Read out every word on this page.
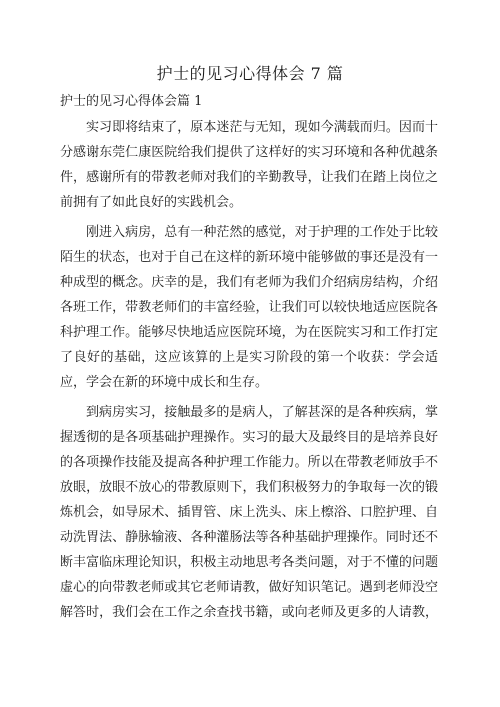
护士的见习心得体会 7 篇
护士的见习心得体会篇 1
实习即将结束了，原本迷茫与无知，现如今满载而归。因而十
分感谢东莞仁康医院给我们提供了这样好的实习环境和各种优越条
件，感谢所有的带教老师对我们的辛勤教导，让我们在踏上岗位之
前拥有了如此良好的实践机会。
刚进入病房，总有一种茫然的感觉，对于护理的工作处于比较
陌生的状态，也对于自己在这样的新环境中能够做的事还是没有一
种成型的概念。庆幸的是，我们有老师为我们介绍病房结构，介绍
各班工作，带教老师们的丰富经验，让我们可以较快地适应医院各
科护理工作。能够尽快地适应医院环境，为在医院实习和工作打定
了良好的基础，这应该算的上是实习阶段的第一个收获：学会适
应，学会在新的环境中成长和生存。
到病房实习，接触最多的是病人，了解甚深的是各种疾病，掌
握透彻的是各项基础护理操作。实习的最大及最终目的是培养良好
的各项操作技能及提高各种护理工作能力。所以在带教老师放手不
放眼，放眼不放心的带教原则下，我们积极努力的争取每一次的锻
炼机会，如导尿术、插胃管、床上洗头、床上檫浴、口腔护理、自
动洗胃法、静脉输液、各种灌肠法等各种基础护理操作。同时还不
断丰富临床理论知识，积极主动地思考各类问题，对于不懂的问题
虚心的向带教老师或其它老师请教，做好知识笔记。遇到老师没空
解答时，我们会在工作之余查找书籍，或向老师及更多的人请教，
